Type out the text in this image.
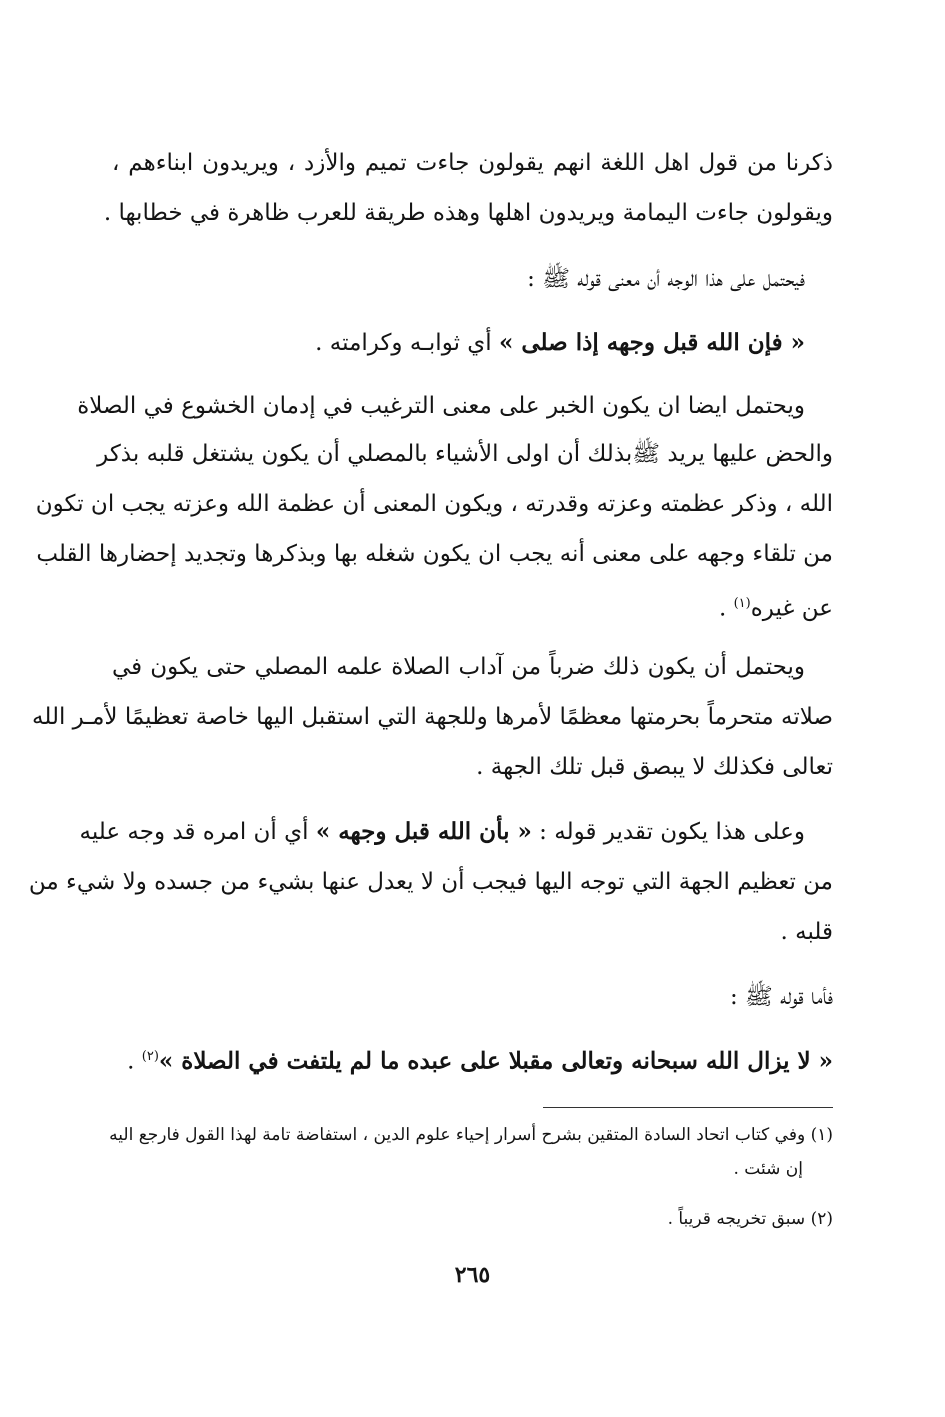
ذكرنا من قول اهل اللغة انهم يقولون جاءت تميم والأزد ، ويريدون ابناءهم ،
ويقولون جاءت اليمامة ويريدون اهلها وهذه طريقة للعرب ظاهرة في خطابها .
فيحتمل على هذا الوجه أن معنى قوله ﷺ :
« فإن الله قبل وجهه إذا صلى » أي ثوابـه وكرامته .
ويحتمل ايضا ان يكون الخبر على معنى الترغيب في إدمان الخشوع في الصلاة
والحض عليها يريد ﷺبذلك أن اولى الأشياء بالمصلي أن يكون يشتغل قلبه بذكر
الله ، وذكر عظمته وعزته وقدرته ، ويكون المعنى أن عظمة الله وعزته يجب ان تكون
من تلقاء وجهه على معنى أنه يجب ان يكون شغله بها وبذكرها وتجديد إحضارها القلب
عن غيره$^{(١)}$ .
ويحتمل أن يكون ذلك ضرباً من آداب الصلاة علمه المصلي حتى يكون في
صلاته متحرماً بحرمتها معظمًا لأمرها وللجهة التي استقبل اليها خاصة تعظيمًا لأمـر الله
تعالى فكذلك لا يبصق قبل تلك الجهة .
وعلى هذا يكون تقدير قوله : « بأن الله قبل وجهه » أي أن امره قد وجه عليه
من تعظيم الجهة التي توجه اليها فيجب أن لا يعدل عنها بشيء من جسده ولا شيء من
قلبه .
فأما قوله ﷺ :
« لا يزال الله سبحانه وتعالى مقبلا على عبده ما لم يلتفت في الصلاة »$^{(٢)}$ .
(١) وفي كتاب اتحاد السادة المتقين بشرح أسرار إحياء علوم الدين ، استفاضة تامة لهذا القول فارجع اليه
إن شئت .
(٢) سبق تخريجه قريباً .
٢٦٥
